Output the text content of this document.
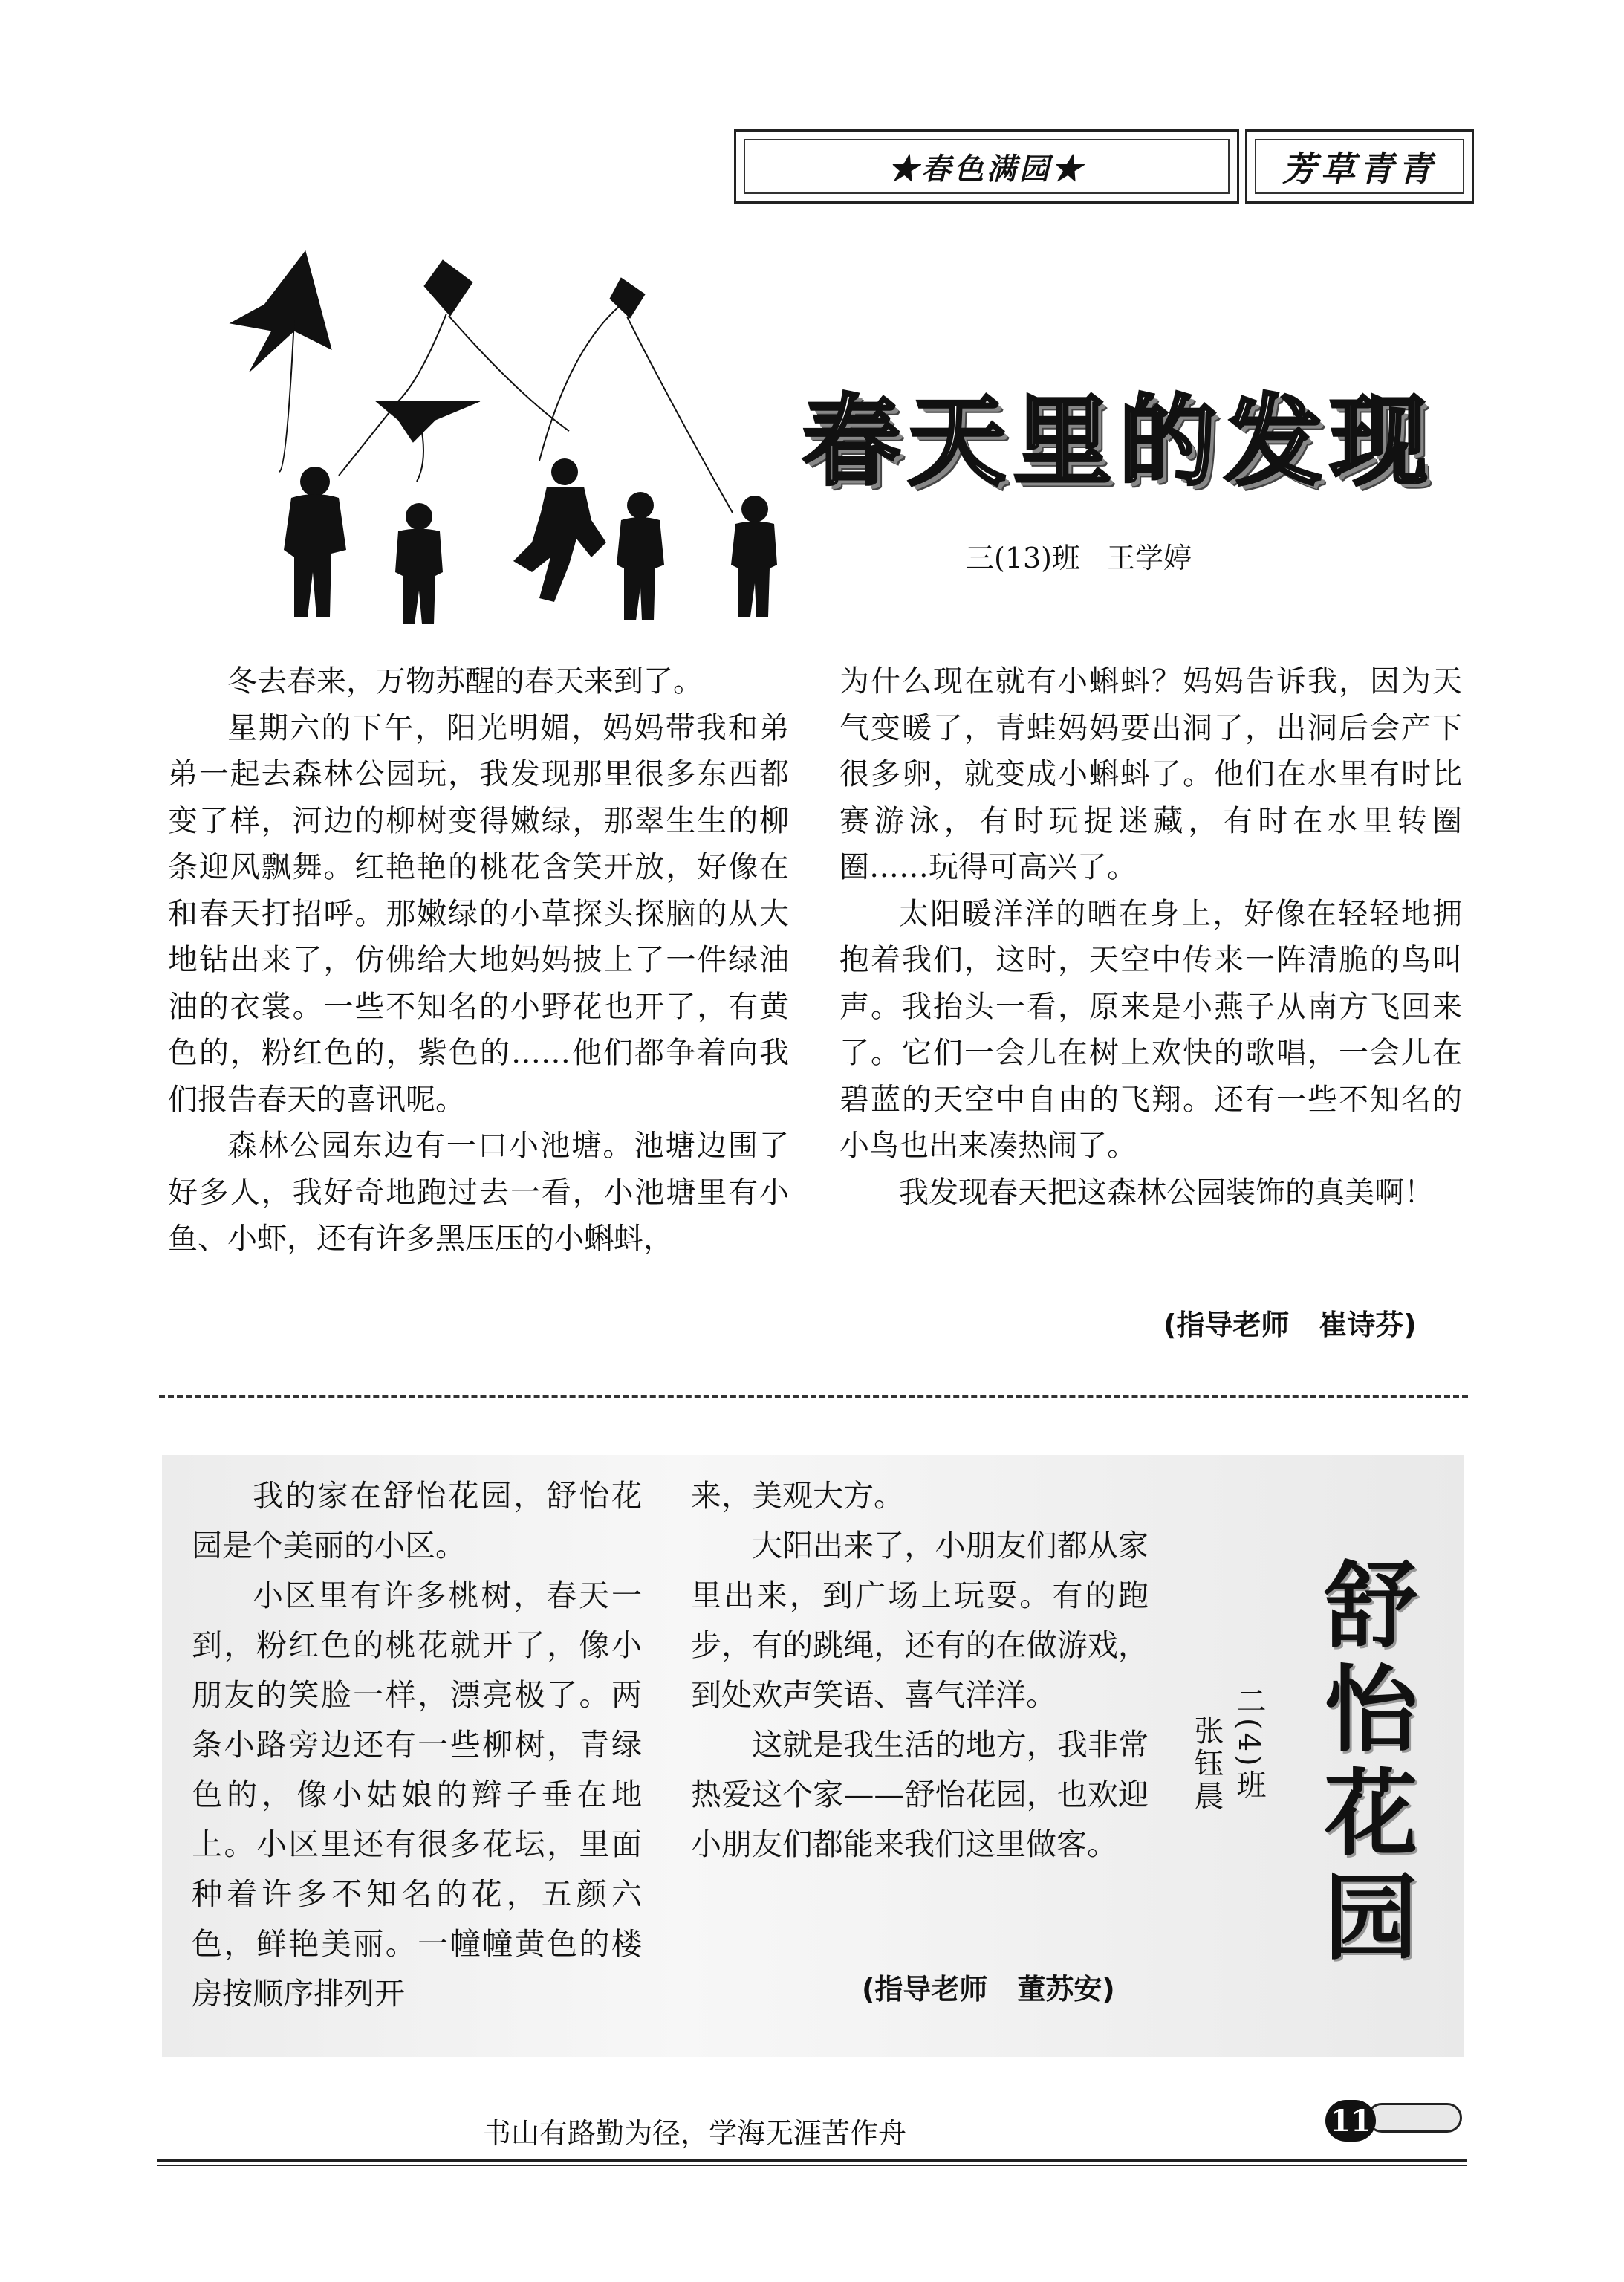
★春色满园★	芳草青青
春天里的发现
三(13)班 王学婷

冬去春来，万物苏醒的春天来到了。

星期六的下午，阳光明媚，妈妈带我和弟弟一起去森林公园玩，我发现那里很多东西都变了样，河边的柳树变得嫩绿，那翠生生的柳条迎风飘舞。红艳艳的桃花含笑开放，好像在和春天打招呼。那嫩绿的小草探头探脑的从大地钻出来了，仿佛给大地妈妈披上了一件绿油油的衣裳。一些不知名的小野花也开了，有黄色的，粉红色的，紫色的……他们都争着向我们报告春天的喜讯呢。

森林公园东边有一口小池塘。池塘边围了好多人，我好奇地跑过去一看，小池塘里有小鱼、小虾，还有许多黑压压的小蝌蚪，

为什么现在就有小蝌蚪？妈妈告诉我，因为天气变暖了，青蛙妈妈要出洞了，出洞后会产下很多卵，就变成小蝌蚪了。他们在水里有时比赛游泳，有时玩捉迷藏，有时在水里转圈圈……玩得可高兴了。

太阳暖洋洋的晒在身上，好像在轻轻地拥抱着我们，这时，天空中传来一阵清脆的鸟叫声。我抬头一看，原来是小燕子从南方飞回来了。它们一会儿在树上欢快的歌唱，一会儿在碧蓝的天空中自由的飞翔。还有一些不知名的小鸟也出来凑热闹了。

我发现春天把这森林公园装饰的真美啊！

(指导老师 崔诗芬)

我的家在舒怡花园，舒怡花园是个美丽的小区。

小区里有许多桃树，春天一到，粉红色的桃花就开了，像小朋友的笑脸一样，漂亮极了。两条小路旁边还有一些柳树，青绿色的，像小姑娘的辫子垂在地上。小区里还有很多花坛，里面种着许多不知名的花，五颜六色，鲜艳美丽。一幢幢黄色的楼房按顺序排列开

来，美观大方。

大阳出来了，小朋友们都从家里出来，到广场上玩耍。有的跑步，有的跳绳，还有的在做游戏，到处欢声笑语、喜气洋洋。

这就是我生活的地方，我非常热爱这个家——舒怡花园，也欢迎小朋友们都能来我们这里做客。

(指导老师 董苏安)
二(4)班
张钰晨 舒怡花园
书山有路勤为径，学海无涯苦作舟	11
